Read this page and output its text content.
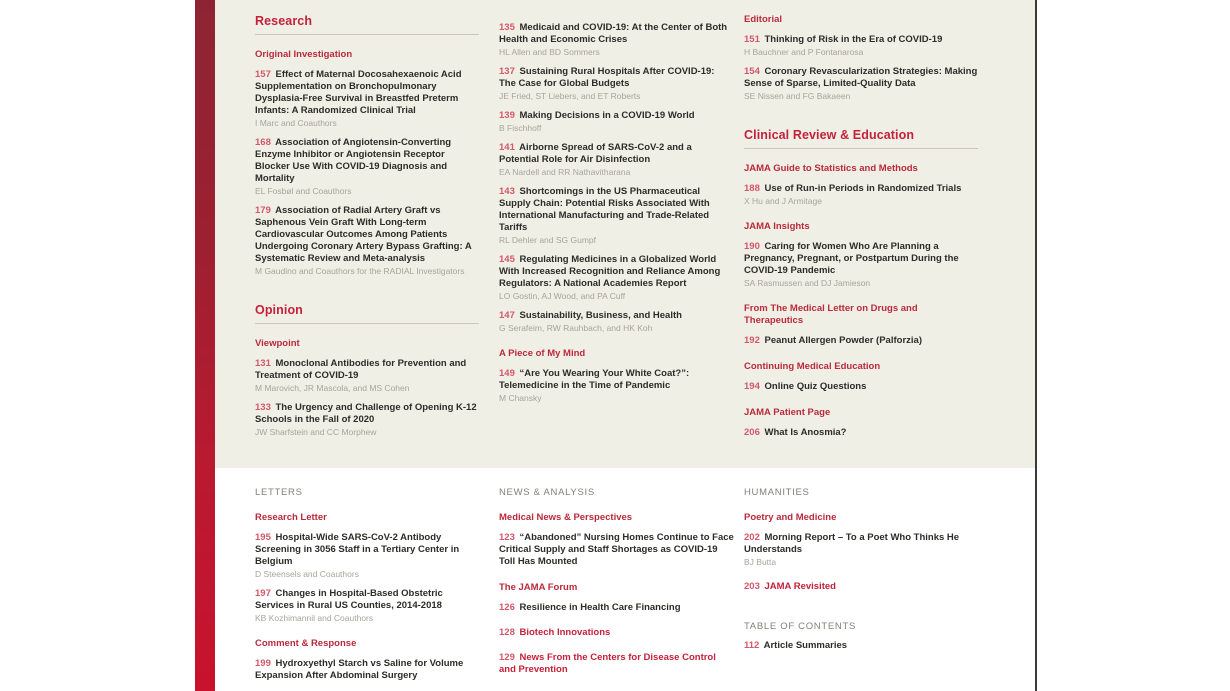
Research
Original Investigation
157 Effect of Maternal Docosahexaenoic Acid Supplementation on Bronchopulmonary Dysplasia-Free Survival in Breastfed Preterm Infants: A Randomized Clinical Trial
I Marc and Coauthors
168 Association of Angiotensin-Converting Enzyme Inhibitor or Angiotensin Receptor Blocker Use With COVID-19 Diagnosis and Mortality
EL Fosbøl and Coauthors
179 Association of Radial Artery Graft vs Saphenous Vein Graft With Long-term Cardiovascular Outcomes Among Patients Undergoing Coronary Artery Bypass Grafting: A Systematic Review and Meta-analysis
M Gaudino and Coauthors for the RADIAL Investigators
Opinion
Viewpoint
131 Monoclonal Antibodies for Prevention and Treatment of COVID-19
M Marovich, JR Mascola, and MS Cohen
133 The Urgency and Challenge of Opening K-12 Schools in the Fall of 2020
JW Sharfstein and CC Morphew
135 Medicaid and COVID-19: At the Center of Both Health and Economic Crises
HL Allen and BD Sommers
137 Sustaining Rural Hospitals After COVID-19: The Case for Global Budgets
JE Fried, ST Liebers, and ET Roberts
139 Making Decisions in a COVID-19 World
B Fischhoff
141 Airborne Spread of SARS-CoV-2 and a Potential Role for Air Disinfection
EA Nardell and RR Nathavitharana
143 Shortcomings in the US Pharmaceutical Supply Chain: Potential Risks Associated With International Manufacturing and Trade-Related Tariffs
RL Dehler and SG Gumpf
145 Regulating Medicines in a Globalized World With Increased Recognition and Reliance Among Regulators: A National Academies Report
LO Gostin, AJ Wood, and PA Cuff
147 Sustainability, Business, and Health
G Serafeim, RW Rauhbach, and HK Koh
A Piece of My Mind
149 “Are You Wearing Your White Coat?”: Telemedicine in the Time of Pandemic
M Chansky
Editorial
151 Thinking of Risk in the Era of COVID-19
H Bauchner and P Fontanarosa
154 Coronary Revascularization Strategies: Making Sense of Sparse, Limited-Quality Data
SE Nissen and FG Bakaeen
Clinical Review & Education
JAMA Guide to Statistics and Methods
188 Use of Run-in Periods in Randomized Trials
X Hu and J Armitage
JAMA Insights
190 Caring for Women Who Are Planning a Pregnancy, Pregnant, or Postpartum During the COVID-19 Pandemic
SA Rasmussen and DJ Jamieson
From The Medical Letter on Drugs and Therapeutics
192 Peanut Allergen Powder (Palforzia)
Continuing Medical Education
194 Online Quiz Questions
JAMA Patient Page
206 What Is Anosmia?
LETTERS
Research Letter
195 Hospital-Wide SARS-CoV-2 Antibody Screening in 3056 Staff in a Tertiary Center in Belgium
D Steensels and Coauthors
197 Changes in Hospital-Based Obstetric Services in Rural US Counties, 2014-2018
KB Kozhimannil and Coauthors
Comment & Response
199 Hydroxyethyl Starch vs Saline for Volume Expansion After Abdominal Surgery
NEWS & ANALYSIS
Medical News & Perspectives
123 “Abandoned” Nursing Homes Continue to Face Critical Supply and Staff Shortages as COVID-19 Toll Has Mounted
The JAMA Forum
126 Resilience in Health Care Financing
128 Biotech Innovations
129 News From the Centers for Disease Control and Prevention
HUMANITIES
Poetry and Medicine
202 Morning Report – To a Poet Who Thinks He Understands
BJ Butta
203 JAMA Revisited
TABLE OF CONTENTS
112 Article Summaries
